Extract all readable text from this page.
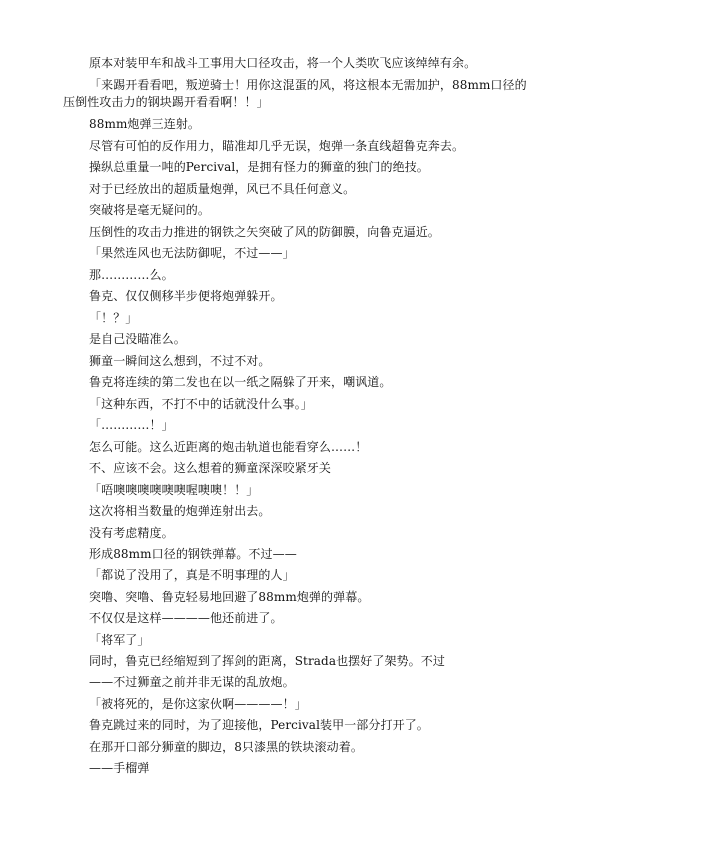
原本对装甲车和战斗工事用大口径攻击，将一个人类吹飞应该绰绰有余。
「来踢开看看吧，叛逆骑士！用你这混蛋的风，将这根本无需加护，88mm口径的
压倒性攻击力的钢块踢开看看啊！！」
88mm炮弹三连射。
尽管有可怕的反作用力，瞄准却几乎无误，炮弹一条直线超鲁克奔去。
操纵总重量一吨的Percival，是拥有怪力的狮童的独门的绝技。
对于已经放出的超质量炮弹，风已不具任何意义。
突破将是毫无疑问的。
压倒性的攻击力推进的钢铁之矢突破了风的防御膜，向鲁克逼近。
「果然连风也无法防御呢，不过——」
那…………么。
鲁克、仅仅侧移半步便将炮弹躲开。
「！？」
是自己没瞄准么。
狮童一瞬间这么想到，不过不对。
鲁克将连续的第二发也在以一纸之隔躲了开来，嘲讽道。
「这种东西，不打不中的话就没什么事。」
「…………！」
怎么可能。这么近距离的炮击轨道也能看穿么……！
不、应该不会。这么想着的狮童深深咬紧牙关
「唔噢噢噢噢噢噢喔噢噢！！」
这次将相当数量的炮弹连射出去。
没有考虑精度。
形成88mm口径的钢铁弹幕。不过——
「都说了没用了，真是不明事理的人」
突噜、突噜、鲁克轻易地回避了88mm炮弹的弹幕。
不仅仅是这样————他还前进了。
「将军了」
同时，鲁克已经缩短到了挥剑的距离，Strada也摆好了架势。不过
——不过狮童之前并非无谋的乱放炮。
「被将死的，是你这家伙啊————！」
鲁克跳过来的同时，为了迎接他，Percival装甲一部分打开了。
在那开口部分狮童的脚边，8只漆黑的铁块滚动着。
——手榴弹
